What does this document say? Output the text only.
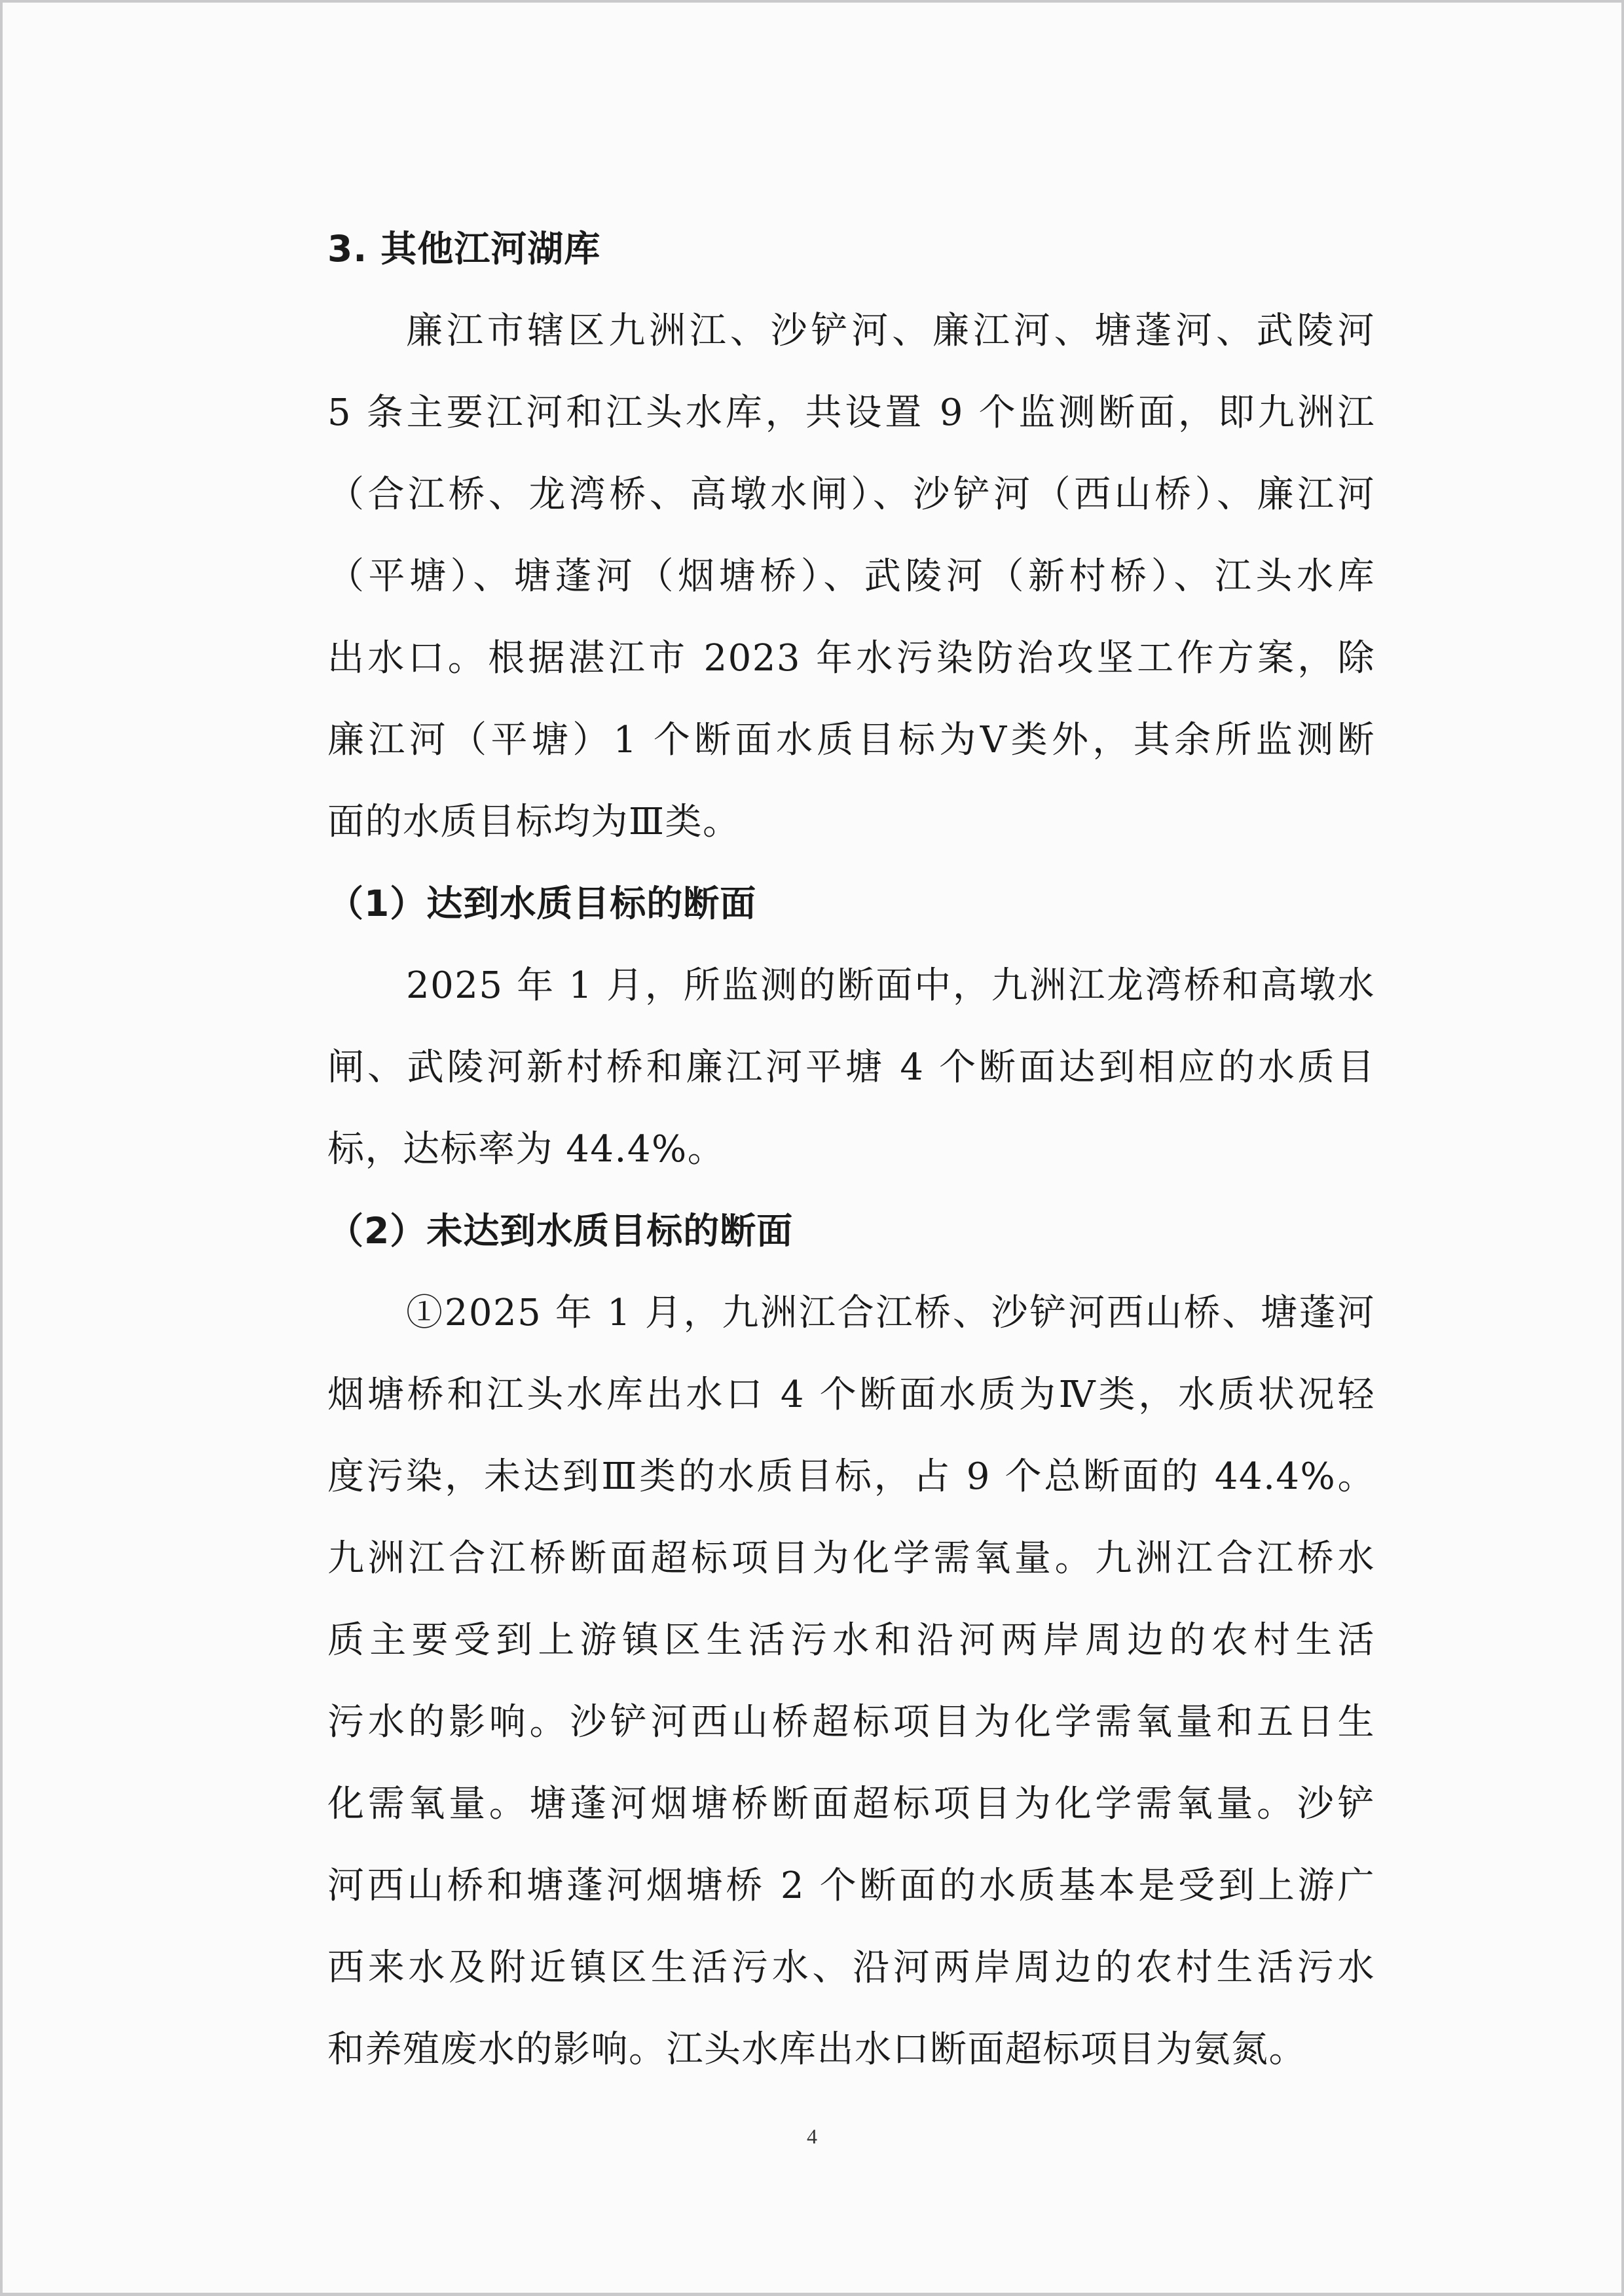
3. 其他江河湖库
廉江市辖区九洲江、沙铲河、廉江河、塘蓬河、武陵河
5 条主要江河和江头水库，共设置 9 个监测断面，即九洲江
（合江桥、龙湾桥、高墩水闸）、沙铲河（西山桥）、廉江河
（平塘）、塘蓬河（烟塘桥）、武陵河（新村桥）、江头水库
出水口。根据湛江市 2023 年水污染防治攻坚工作方案，除
廉江河（平塘）1 个断面水质目标为Ⅴ类外，其余所监测断
面的水质目标均为Ⅲ类。
（1）达到水质目标的断面
2025 年 1 月，所监测的断面中，九洲江龙湾桥和高墩水
闸、武陵河新村桥和廉江河平塘 4 个断面达到相应的水质目
标，达标率为 44.4%。
（2）未达到水质目标的断面
①2025 年 1 月，九洲江合江桥、沙铲河西山桥、塘蓬河
烟塘桥和江头水库出水口 4 个断面水质为Ⅳ类，水质状况轻
度污染，未达到Ⅲ类的水质目标，占 9 个总断面的 44.4%。
九洲江合江桥断面超标项目为化学需氧量。九洲江合江桥水
质主要受到上游镇区生活污水和沿河两岸周边的农村生活
污水的影响。沙铲河西山桥超标项目为化学需氧量和五日生
化需氧量。塘蓬河烟塘桥断面超标项目为化学需氧量。沙铲
河西山桥和塘蓬河烟塘桥 2 个断面的水质基本是受到上游广
西来水及附近镇区生活污水、沿河两岸周边的农村生活污水
和养殖废水的影响。江头水库出水口断面超标项目为氨氮。
4
